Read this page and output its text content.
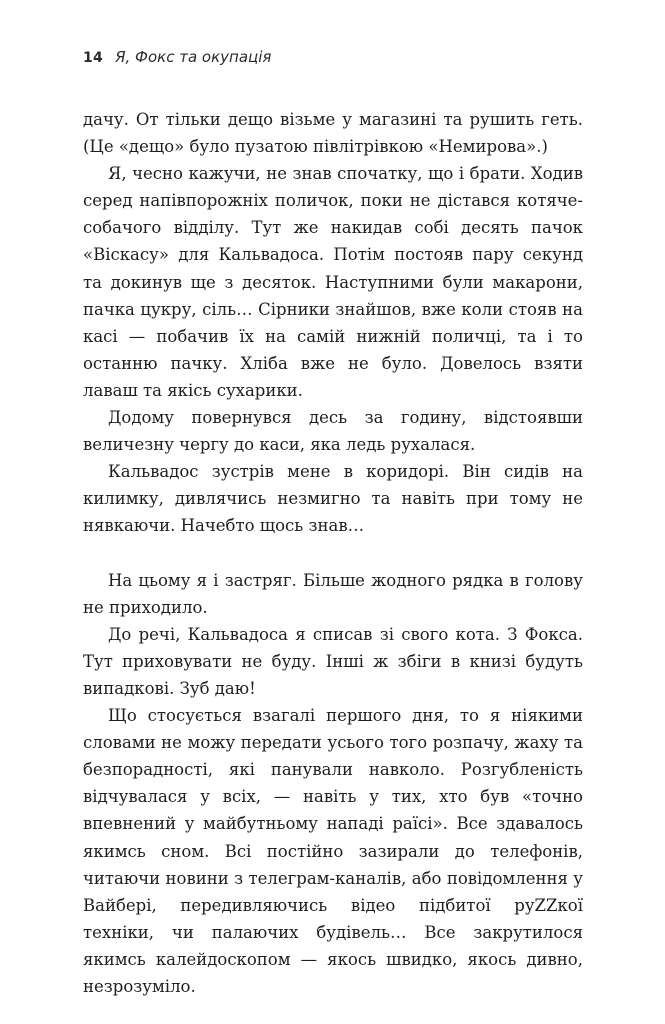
14 Я, Фокс та окупація

дачу. От тільки дещо візьме у магазині та рушить геть. (Це «дещо» було пузатою півлітрівкою «Немирова».)

Я, чесно кажучи, не знав спочатку, що і брати. Ходив серед напівпорожніх поличок, поки не дістався котяче-собачого відділу. Тут же накидав собі десять пачок «Віскасу» для Кальвадоса. Потім постояв пару секунд та докинув ще з десяток. Наступними були макарони, пачка цукру, сіль… Сірники знайшов, вже коли стояв на касі — побачив їх на самій нижній поличці, та і то останню пачку. Хліба вже не було. Довелось взяти лаваш та якісь сухарики.

Додому повернувся десь за годину, відстоявши величезну чергу до каси, яка ледь рухалася.

Кальвадос зустрів мене в коридорі. Він сидів на килимку, дивлячись незмигно та навіть при тому не нявкаючи. Начебто щось знав…

На цьому я і застряг. Більше жодного рядка в голову не приходило.

До речі, Кальвадоса я списав зі свого кота. З Фокса. Тут приховувати не буду. Інші ж збіги в книзі будуть випадкові. Зуб даю!

Що стосується взагалі першого дня, то я ніякими словами не можу передати усього того розпачу, жаху та безпорадності, які панували навколо. Розгубленість відчувалася у всіх, — навіть у тих, хто був «точно впевнений у майбутньому нападі раїсі». Все здавалось якимсь сном. Всі постійно зазирали до телефонів, читаючи новини з телеграм-каналів, або повідомлення у Вайбері, передивляючись відео підбитої руZZкої техніки, чи палаючих будівель… Все закрутилося якимсь калейдоскопом — якось швидко, якось дивно, незрозуміло.
